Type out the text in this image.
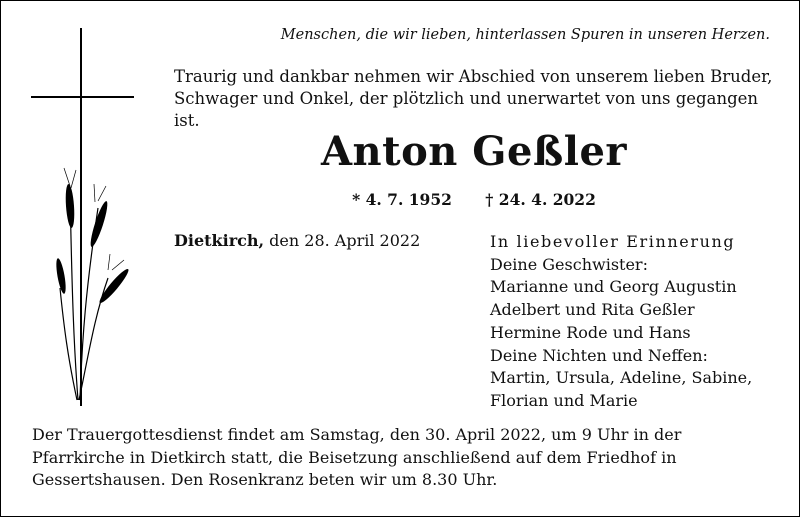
Menschen, die wir lieben, hinterlassen Spuren in unseren Herzen.
Traurig und dankbar nehmen wir Abschied von unserem lieben Bruder,
Schwager und Onkel, der plötzlich und unerwartet von uns gegangen ist.
Anton Geßler
* 4. 7. 1952 † 24. 4. 2022
Dietkirch, den 28. April 2022	In liebevoller Erinnerung
Deine Geschwister:
Marianne und Georg Augustin
Adelbert und Rita Geßler
Hermine Rode und Hans
Deine Nichten und Neffen:
Martin, Ursula, Adeline, Sabine,
Florian und Marie
Der Trauergottesdienst findet am Samstag, den 30. April 2022, um 9 Uhr in der
Pfarrkirche in Dietkirch statt, die Beisetzung anschließend auf dem Friedhof in
Gessertshausen. Den Rosenkranz beten wir um 8.30 Uhr.
